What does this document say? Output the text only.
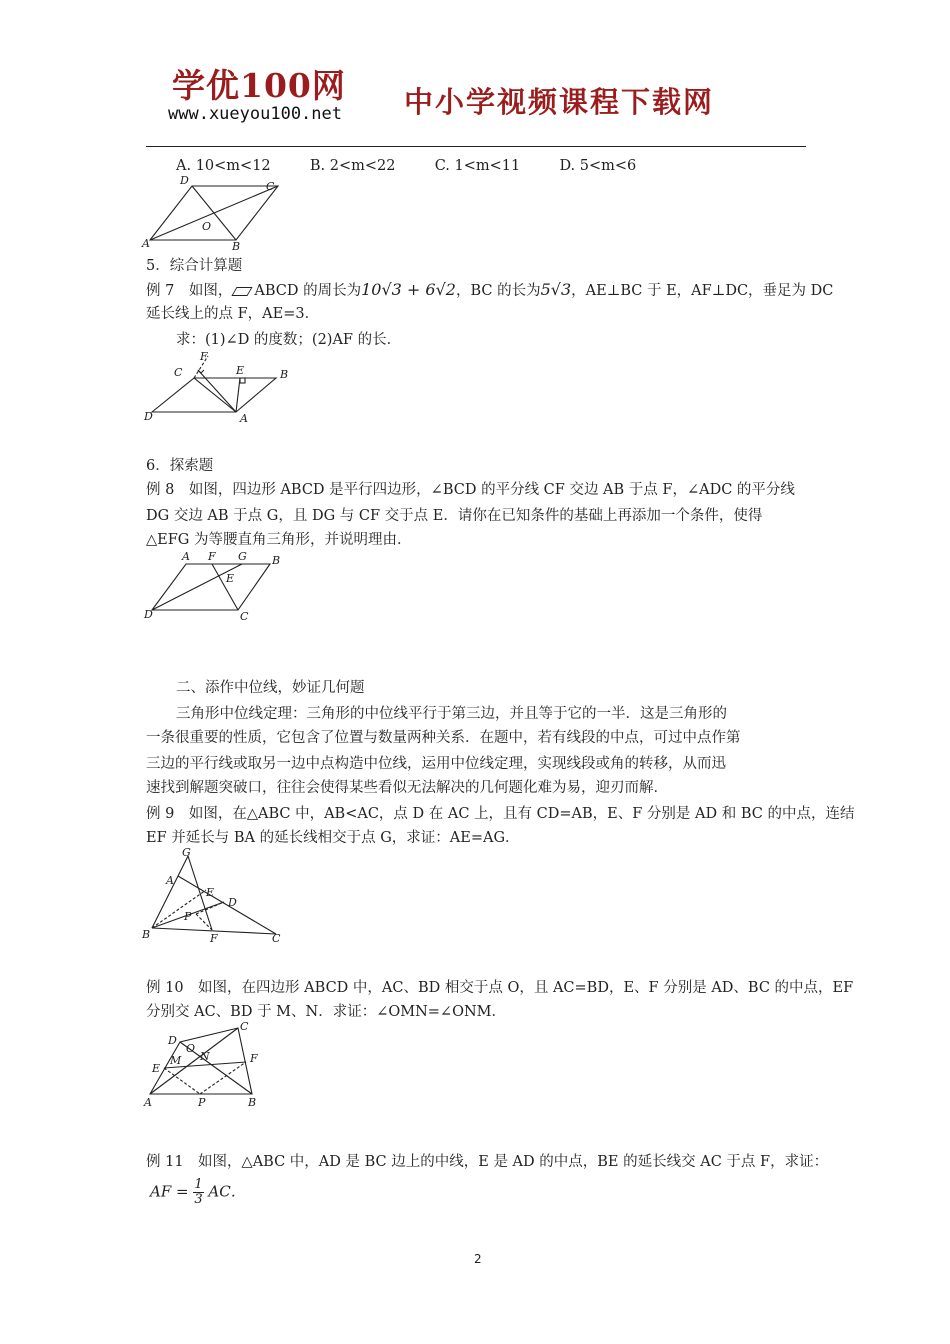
学优100网
www.xueyou100.net 中小学视频课程下载网
A. 10<m<12	B. 2<m<22	C. 1<m<11	D. 5<m<6
D	C
O
A	B
5．综合计算题
例 7　如图， ABCD 的周长为10√3 + 6√2，BC 的长为5√3，AE⊥BC 于 E，AF⊥DC，垂足为 DC
延长线上的点 F，AE=3．
求：(1)∠D 的度数；(2)AF 的长．
F
C	E	B
D	A
6．探索题
例 8　如图，四边形 ABCD 是平行四边形，∠BCD 的平分线 CF 交边 AB 于点 F，∠ADC 的平分线
DG 交边 AB 于点 G，且 DG 与 CF 交于点 E．请你在已知条件的基础上再添加一个条件，使得
△EFG 为等腰直角三角形，并说明理由．
A F G B
E
D	C
二、添作中位线，妙证几何题
三角形中位线定理：三角形的中位线平行于第三边，并且等于它的一半．这是三角形的
一条很重要的性质，它包含了位置与数量两种关系．在题中，若有线段的中点，可过中点作第
三边的平行线或取另一边中点构造中位线，运用中位线定理，实现线段或角的转移，从而迅
速找到解题突破口，往往会使得某些看似无法解决的几何题化难为易，迎刃而解．
例 9　如图，在△ABC 中，AB<AC，点 D 在 AC 上，且有 CD=AB，E、F 分别是 AD 和 BC 的中点，连结
EF 并延长与 BA 的延长线相交于点 G，求证：AE=AG．
G
A
E
D
P
B	F	C
例 10　如图，在四边形 ABCD 中，AC、BD 相交于点 O，且 AC=BD，E、F 分别是 AD、BC 的中点，EF
分别交 AC、BD 于 M、N．求证：∠OMN=∠ONM．
C
D
O
M N	F
E
A	P	B
例 11　如图，△ABC 中，AD 是 BC 边上的中线，E 是 AD 的中点，BE 的延长线交 AC 于点 F，求证：
AF = $\frac{1}{3}$ AC．
2
